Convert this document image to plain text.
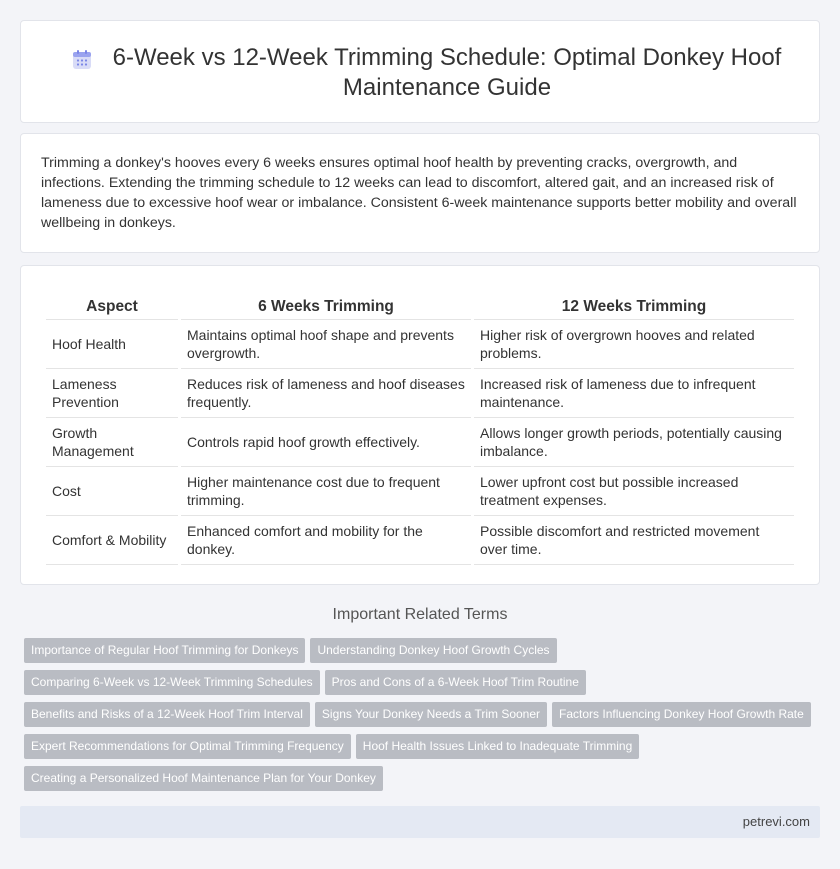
6-Week vs 12-Week Trimming Schedule: Optimal Donkey Hoof Maintenance Guide

Trimming a donkey's hooves every 6 weeks ensures optimal hoof health by preventing cracks, overgrowth, and infections. Extending the trimming schedule to 12 weeks can lead to discomfort, altered gait, and an increased risk of lameness due to excessive hoof wear or imbalance. Consistent 6-week maintenance supports better mobility and overall wellbeing in donkeys.

Aspect	6 Weeks Trimming	12 Weeks Trimming
Hoof Health	Maintains optimal hoof shape and prevents overgrowth.	Higher risk of overgrown hooves and related problems.
Lameness Prevention	Reduces risk of lameness and hoof diseases frequently.	Increased risk of lameness due to infrequent maintenance.
Growth Management	Controls rapid hoof growth effectively.	Allows longer growth periods, potentially causing imbalance.
Cost	Higher maintenance cost due to frequent trimming.	Lower upfront cost but possible increased treatment expenses.
Comfort & Mobility	Enhanced comfort and mobility for the donkey.	Possible discomfort and restricted movement over time.
Important Related Terms
Importance of Regular Hoof Trimming for Donkeys Understanding Donkey Hoof Growth Cycles
Comparing 6-Week vs 12-Week Trimming Schedules Pros and Cons of a 6-Week Hoof Trim Routine
Benefits and Risks of a 12-Week Hoof Trim Interval Signs Your Donkey Needs a Trim Sooner Factors Influencing Donkey Hoof Growth Rate
Expert Recommendations for Optimal Trimming Frequency Hoof Health Issues Linked to Inadequate Trimming
Creating a Personalized Hoof Maintenance Plan for Your Donkey
petrevi.com
